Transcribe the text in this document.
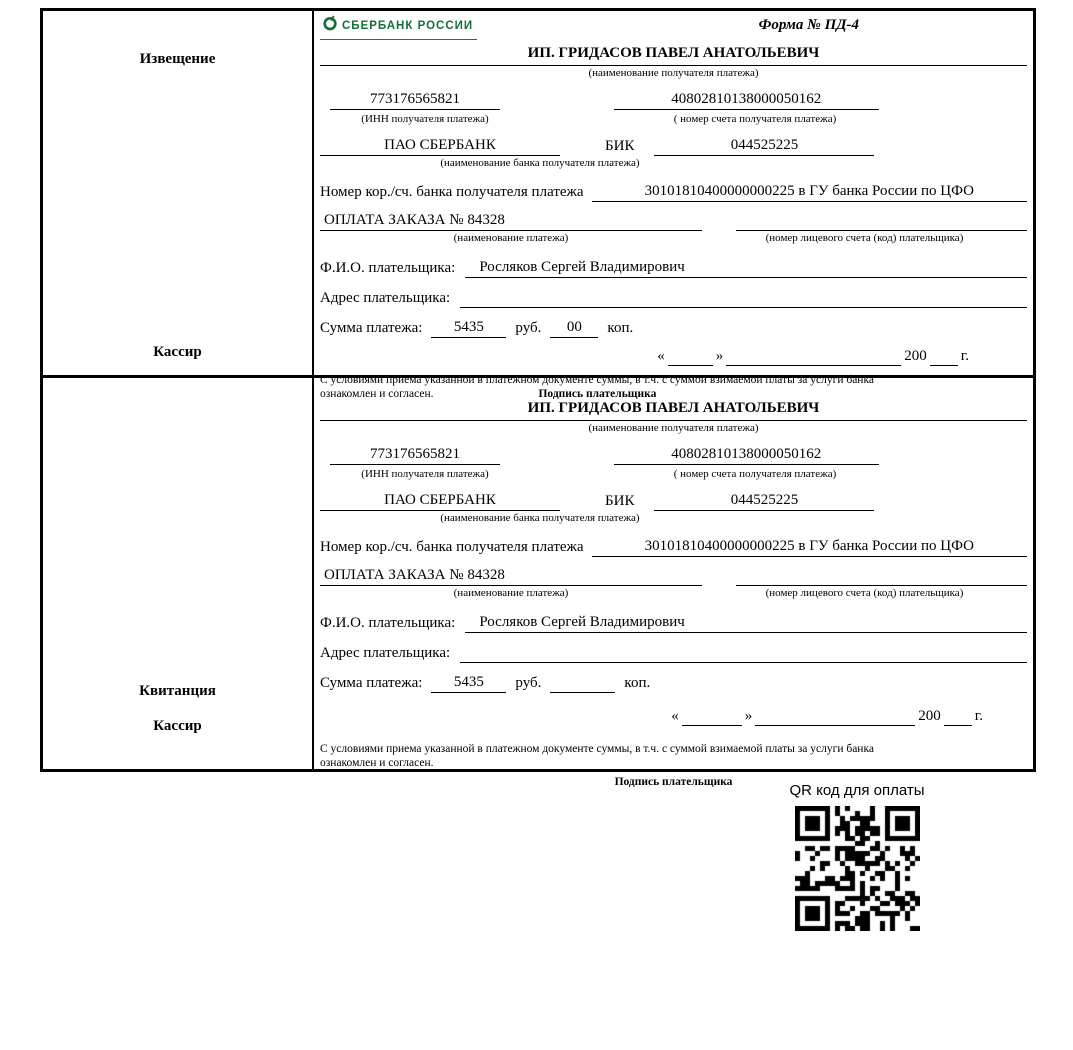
Извещение
Кассир
СБЕРБАНК РОССИИ	Форма № ПД-4
ИП. ГРИДАСОВ ПАВЕЛ АНАТОЛЬЕВИЧ
(наименование получателя платежа)
773176565821	40802810138000050162
(ИНН получателя платежа)	( номер счета получателя платежа)
ПАО СБЕРБАНК	БИК	044525225
(наименование банка получателя платежа)
Номер кор./сч. банка получателя платежа	30101810400000000225 в ГУ банка России по ЦФО
ОПЛАТА ЗАКАЗА № 84328
(наименование платежа)	(номер лицевого счета (код) плательщика)
Ф.И.О. плательщика:	Росляков Сергей Владимирович
Адрес плательщика:
Сумма платежа:	5435	руб.	00	коп.
«	»	200 г.
С условиями приема указанной в платежном документе суммы, в т.ч. с суммой взимаемой платы за услуги банка
ознакомлен и согласен.	Подпись плательщика
Квитанция
Кассир
ИП. ГРИДАСОВ ПАВЕЛ АНАТОЛЬЕВИЧ
(наименование получателя платежа)
773176565821	40802810138000050162
(ИНН получателя платежа)	( номер счета получателя платежа)
ПАО СБЕРБАНК	БИК	044525225
(наименование банка получателя платежа)
Номер кор./сч. банка получателя платежа	30101810400000000225 в ГУ банка России по ЦФО
ОПЛАТА ЗАКАЗА № 84328
(наименование платежа)	(номер лицевого счета (код) плательщика)
Ф.И.О. плательщика:	Росляков Сергей Владимирович
Адрес плательщика:
Сумма платежа:	5435	руб.	коп.
«	»	200 г.
С условиями приема указанной в платежном документе суммы, в т.ч. с суммой взимаемой платы за услуги банка
ознакомлен и согласен.
Подпись плательщика	QR код для оплаты
